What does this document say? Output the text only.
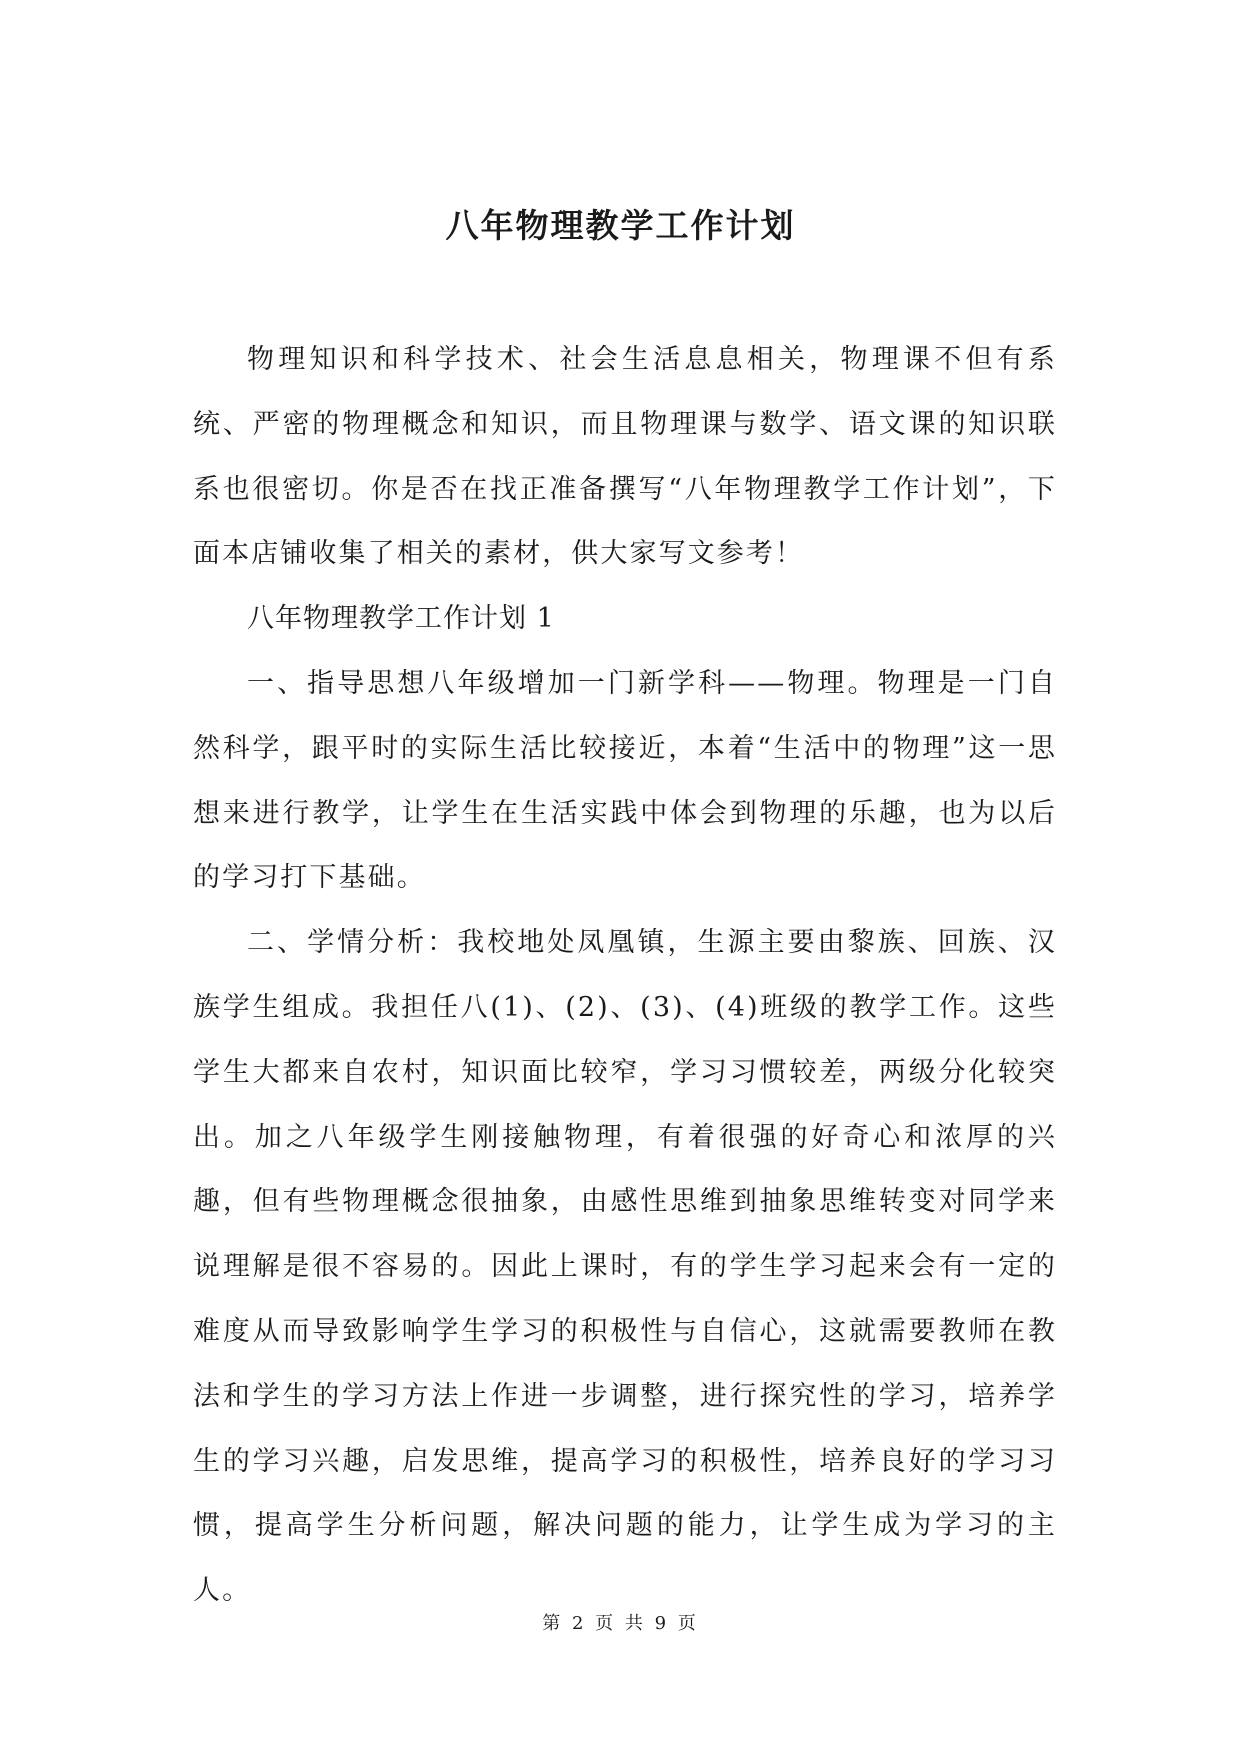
八年物理教学工作计划

物理知识和科学技术、社会生活息息相关，物理课不但有系统、严密的物理概念和知识，而且物理课与数学、语文课的知识联系也很密切。你是否在找正准备撰写“八年物理教学工作计划”，下面本店铺收集了相关的素材，供大家写文参考！

八年物理教学工作计划 1

一、指导思想八年级增加一门新学科——物理。物理是一门自然科学，跟平时的实际生活比较接近，本着“生活中的物理”这一思想来进行教学，让学生在生活实践中体会到物理的乐趣，也为以后的学习打下基础。

二、学情分析：我校地处凤凰镇，生源主要由黎族、回族、汉族学生组成。我担任八(1)、(2)、(3)、(4)班级的教学工作。这些学生大都来自农村，知识面比较窄，学习习惯较差，两级分化较突出。加之八年级学生刚接触物理，有着很强的好奇心和浓厚的兴趣，但有些物理概念很抽象，由感性思维到抽象思维转变对同学来说理解是很不容易的。因此上课时，有的学生学习起来会有一定的难度从而导致影响学生学习的积极性与自信心，这就需要教师在教法和学生的学习方法上作进一步调整，进行探究性的学习，培养学生的学习兴趣，启发思维，提高学习的积极性，培养良好的学习习惯，提高学生分析问题，解决问题的能力，让学生成为学习的主人。

第 2 页 共 9 页
